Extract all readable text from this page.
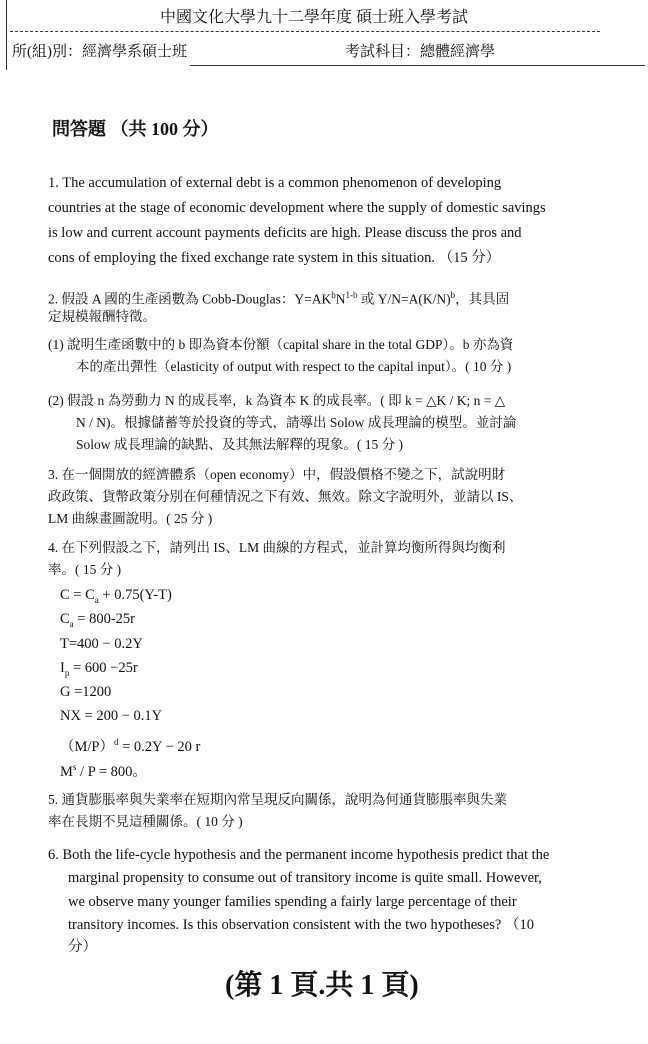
中國文化大學九十二學年度 碩士班入學考試
所(組)別：經濟學系碩士班	考試科目：總體經濟學
問答題 （共 100 分）
1. The accumulation of external debt is a common phenomenon of developing
countries at the stage of economic development where the supply of domestic savings
is low and current account payments deficits are high. Please discuss the pros and
cons of employing the fixed exchange rate system in this situation. （15 分）
2. 假設 A 國的生產函數為 Cobb-Douglas：$Y=AK^bN^{1-b}$ 或 $Y/N=A(K/N)^b$，其具固
定規模報酬特徵。
(1) 說明生產函數中的 b 即為資本份額（capital share in the total GDP）。b 亦為資
本的產出彈性（elasticity of output with respect to the capital input）。( 10 分 )
(2) 假設 n 為勞動力 N 的成長率，k 為資本 K 的成長率。( 即 k = △K / K; n = △
N / N)。根據儲蓄等於投資的等式，請導出 Solow 成長理論的模型。並討論
Solow 成長理論的缺點、及其無法解釋的現象。( 15 分 )
3. 在一個開放的經濟體系（open economy）中，假設價格不變之下，試說明財
政政策、貨幣政策分別在何種情況之下有效、無效。除文字說明外，並請以 IS、
LM 曲線畫圖說明。( 25 分 )
4. 在下列假設之下，請列出 IS、LM 曲線的方程式，並計算均衡所得與均衡利
率。( 15 分 )
$C = C_a + 0.75(Y-T)$
$C_a = 800-25r$
T=400 − 0.2Y
$I_p = 600 -25r$
G =1200
NX = 200 − 0.1Y
$(M/P)^d = 0.2Y - 20$ r
$M^s / P = 800$。
5. 通貨膨脹率與失業率在短期內常呈現反向關係，說明為何通貨膨脹率與失業
率在長期不見這種關係。( 10 分 )
6. Both the life-cycle hypothesis and the permanent income hypothesis predict that the
marginal propensity to consume out of transitory income is quite small. However,
we observe many younger families spending a fairly large percentage of their
transitory incomes. Is this observation consistent with the two hypotheses? （10
分）
(第 1 頁.共 1 頁)
